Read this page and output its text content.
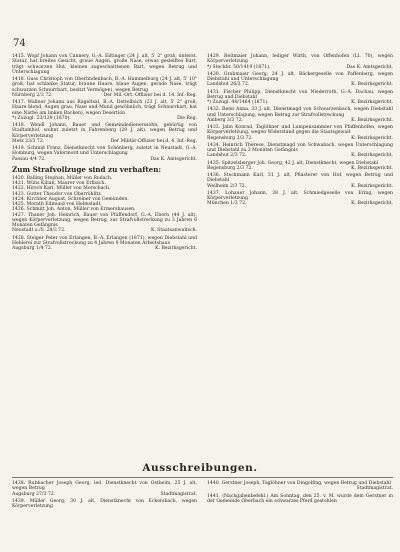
74

1415. Wopf Johann von Cannery, G.-A. Eiltinger (24 J. alt, 5' 2" groß, unterst. Statur, hat breites Gesicht, graue Augen, große Nase, etwas gesleiftes Bart, trägt schwarzen Hut, kleinen zugeschnittenen Bart, wegen Betrug und Unterschlagung

1416. Guss Christoph von Oberlindenbach, B.-A. Hammelburg (24 J. alt, 5' 10" groß, hat schlanke Statur, braune Haare, blaue Augen, gerade Nase, trägt schwarzen Schnurrbart, besitzt Vermögen), wegen Betrug

Nürnberg 2/3 72.	Der Mil.-Ort.-Offizier bei d. 14. Inf.-Reg.

1417. Wallner Johann aus Rageltsal, B.-A. Dettelbach (23 J. alt, 5' 2" groß, Haare blond, Augen grau, Nase und Mund gewöhnlich, trägt Schnurrbart, hat eine Narbe am linken Backen), wegen Desertion

*) Zuzugl. 23/129 (1870).	Die Reg.

1418. Wendl Johann, Bauer und Gemeindedienerssohn, gebürtig von Stadtamhof, wohnt zuletzt in Fahrenberg (29 J. alt), wegen Betrug und Körperverletzung

Metz 23/3 72.	Der Militär-Offizier bei d. 4. Inf.-Reg.

1419. Schmid Franz, Dienstknecht von Schönberg, zuletzt in Neustadt, G.-A. Homburg, wegen Vatermord und Unterschlagung

Passau 4/4 72.	Das K. Amtsgericht.
Zum Strafvollzuge sind zu verhaften:

1420. Balling Stephan, Müller von Rodach.

1421. Wühs Kilian, Maurer von Erlbach.

1422. Hirsch Karl, Müller von Morschach.

1423. Gutter Theodor von Oberröhlitz.

1424. Kirchner August, Schreiner von Gemünden.

1425. Morath Edmund von Helmstadt.

1426. Schmitt Joh. Anton, Müller von Ermershausen.

1427. Thaner Joh. Heinrich, Bauer von Pfaffendorf, G.-A. Ebern (44 J. alt), wegen Körperverletzung, wegen Betrug, zur Strafvollstreckung zu 3 Jahren 6 Monaten Gefängnis

Neustadt a./S. 28/3 72.	K. Staatsanwaltsch.

1428. Steiger Peter von Erlangen, B.-A. Erlangen (1871), wegen Diebstahl und Hehlerei zur Strafvollstreckung zu 4 Jahren 9 Monaten Arbeitshaus

Augsburg 1/4 72.	K. Bezirksgericht.

1429. Reitmaier Johann, lediger Wirth, von Offenhofen (Ll. 70), wegen Körperverletzung

*) Steckbr. 50/1419 (1871).	Das K. Amtsgericht.

1430. Grabmaier Georg, 24 J. alt, Bäckergeselle von Paffenberg, wegen Diebstahl und Unterschlagung

Landshut 26/3 72.	K. Bezirksgericht.

1431. Fischer Philipp, Dienstknecht von Niederroth, G.-A. Dachau, wegen Betrug und Diebstahl

*) Zuzugl. 48/1464 (1871).	K. Bezirksgericht.

1432. Renn Anna, 33 J. alt, Dienstmagd von Schwarzenbach, wegen Diebstahl und Unterschlagung, wegen Betrug zur Strafvollstreckung

Amberg 3/3 72.	K. Bezirksgericht.

1433. Jahn Konrad, Taglöhner und Lumpensammler von Pfaffenhofen, wegen Körperverletzung, wegen Widerstand gegen die Staatsgewalt

Regensburg 3/3 72.	K. Bezirksgericht.

1434. Heinrich Therese, Dienstmagd von Schwabach, wegen Unterschlagung und Diebstahl zu 3 Monaten Gefängnis

Landshut 2/3 72.	K. Bezirksgericht.

1435. Spitzelsberger Joh. Georg, 42 J. alt, Dienstknecht, wegen Diebstahl

Regensburg 2/3 72.	K. Bezirksgericht.

1436. Stockmann Karl, 31 J. alt, Pflasterer von Hof, wegen Betrug und Diebstahl

Weilheim 2/3 72.	K. Bezirksgericht.

1437. Lohauer Johann, 38 J. alt, Schmiedgeselle von Ering, wegen Körperverletzung

München 1/3 72.	K. Bezirksgericht.
Ausschreibungen.

1438. Rubbacher Joseph Georg, led. Dienstknecht von Ostheim, 25 J. alt, wegen Betrug

Augsburg 27/3 72.	Stadtmagistrat.

1439. Müller Georg, 30 J. alt, Dienstknecht von Eckersbach, wegen Körperverletzung

1440. Gerstner Joseph, Taglöhner von Dingolfing, wegen Betrug und Diebstahl

Stadtmagistrat.

1441. (Nachgabenbefehl.) Am Sonntag, den 25. v. M. wurde dem Gerstner in der Gemeinde Oberbach ein schwarzes Pferd gestohlen
